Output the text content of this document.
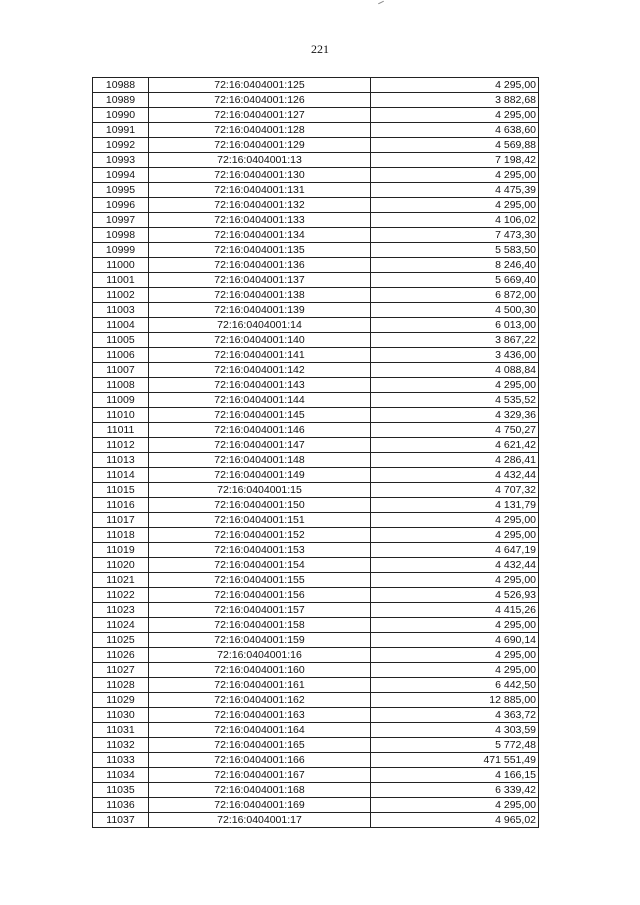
221
10988	72:16:0404001:125	4 295,00
10989	72:16:0404001:126	3 882,68
10990	72:16:0404001:127	4 295,00
10991	72:16:0404001:128	4 638,60
10992	72:16:0404001:129	4 569,88
10993	72:16:0404001:13	7 198,42
10994	72:16:0404001:130	4 295,00
10995	72:16:0404001:131	4 475,39
10996	72:16:0404001:132	4 295,00
10997	72:16:0404001:133	4 106,02
10998	72:16:0404001:134	7 473,30
10999	72:16:0404001:135	5 583,50
11000	72:16:0404001:136	8 246,40
11001	72:16:0404001:137	5 669,40
11002	72:16:0404001:138	6 872,00
11003	72:16:0404001:139	4 500,30
11004	72:16:0404001:14	6 013,00
11005	72:16:0404001:140	3 867,22
11006	72:16:0404001:141	3 436,00
11007	72:16:0404001:142	4 088,84
11008	72:16:0404001:143	4 295,00
11009	72:16:0404001:144	4 535,52
11010	72:16:0404001:145	4 329,36
11011	72:16:0404001:146	4 750,27
11012	72:16:0404001:147	4 621,42
11013	72:16:0404001:148	4 286,41
11014	72:16:0404001:149	4 432,44
11015	72:16:0404001:15	4 707,32
11016	72:16:0404001:150	4 131,79
11017	72:16:0404001:151	4 295,00
11018	72:16:0404001:152	4 295,00
11019	72:16:0404001:153	4 647,19
11020	72:16:0404001:154	4 432,44
11021	72:16:0404001:155	4 295,00
11022	72:16:0404001:156	4 526,93
11023	72:16:0404001:157	4 415,26
11024	72:16:0404001:158	4 295,00
11025	72:16:0404001:159	4 690,14
11026	72:16:0404001:16	4 295,00
11027	72:16:0404001:160	4 295,00
11028	72:16:0404001:161	6 442,50
11029	72:16:0404001:162	12 885,00
11030	72:16:0404001:163	4 363,72
11031	72:16:0404001:164	4 303,59
11032	72:16:0404001:165	5 772,48
11033	72:16:0404001:166	471 551,49
11034	72:16:0404001:167	4 166,15
11035	72:16:0404001:168	6 339,42
11036	72:16:0404001:169	4 295,00
11037	72:16:0404001:17	4 965,02
